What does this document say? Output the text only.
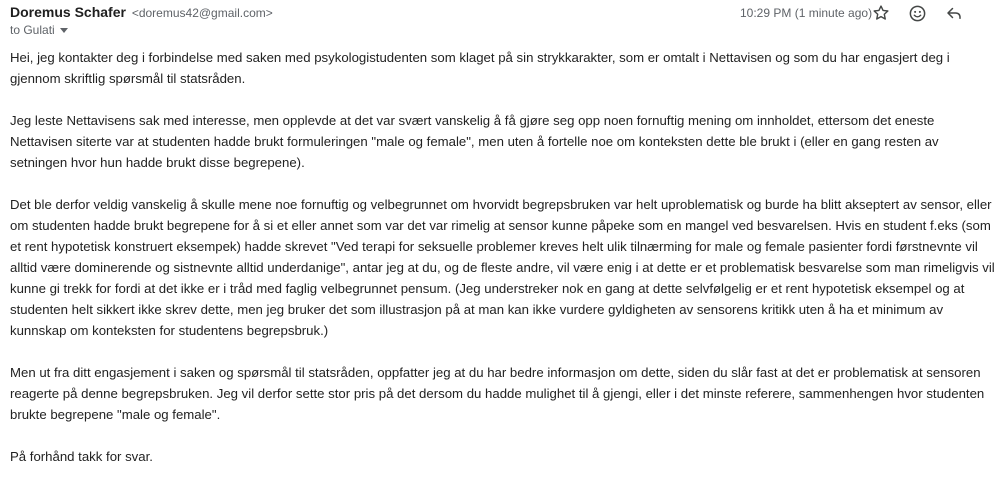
Doremus Schafer <doremus42@gmail.com>
to Gulati
10:29 PM (1 minute ago)

Hei, jeg kontakter deg i forbindelse med saken med psykologistudenten som klaget på sin strykkarakter, som er omtalt i Nettavisen og som du har engasjert deg i gjennom skriftlig spørsmål til statsråden.

Jeg leste Nettavisens sak med interesse, men opplevde at det var svært vanskelig å få gjøre seg opp noen fornuftig mening om innholdet, ettersom det eneste Nettavisen siterte var at studenten hadde brukt formuleringen "male og female", men uten å fortelle noe om konteksten dette ble brukt i (eller en gang resten av setningen hvor hun hadde brukt disse begrepene).

Det ble derfor veldig vanskelig å skulle mene noe fornuftig og velbegrunnet om hvorvidt begrepsbruken var helt uproblematisk og burde ha blitt akseptert av sensor, eller om studenten hadde brukt begrepene for å si et eller annet som var det var rimelig at sensor kunne påpeke som en mangel ved besvarelsen. Hvis en student f.eks (som et rent hypotetisk konstruert eksempek) hadde skrevet "Ved terapi for seksuelle problemer kreves helt ulik tilnærming for male og female pasienter fordi førstnevnte vil alltid være dominerende og sistnevnte alltid underdanige", antar jeg at du, og de fleste andre, vil være enig i at dette er et problematisk besvarelse som man rimeligvis vil kunne gi trekk for fordi at det ikke er i tråd med faglig velbegrunnet pensum. (Jeg understreker nok en gang at dette selvfølgelig er et rent hypotetisk eksempel og at studenten helt sikkert ikke skrev dette, men jeg bruker det som illustrasjon på at man kan ikke vurdere gyldigheten av sensorens kritikk uten å ha et minimum av kunnskap om konteksten for studentens begrepsbruk.)

Men ut fra ditt engasjement i saken og spørsmål til statsråden, oppfatter jeg at du har bedre informasjon om dette, siden du slår fast at det er problematisk at sensoren reagerte på denne begrepsbruken. Jeg vil derfor sette stor pris på det dersom du hadde mulighet til å gjengi, eller i det minste referere, sammenhengen hvor studenten brukte begrepene "male og female".

På forhånd takk for svar.
